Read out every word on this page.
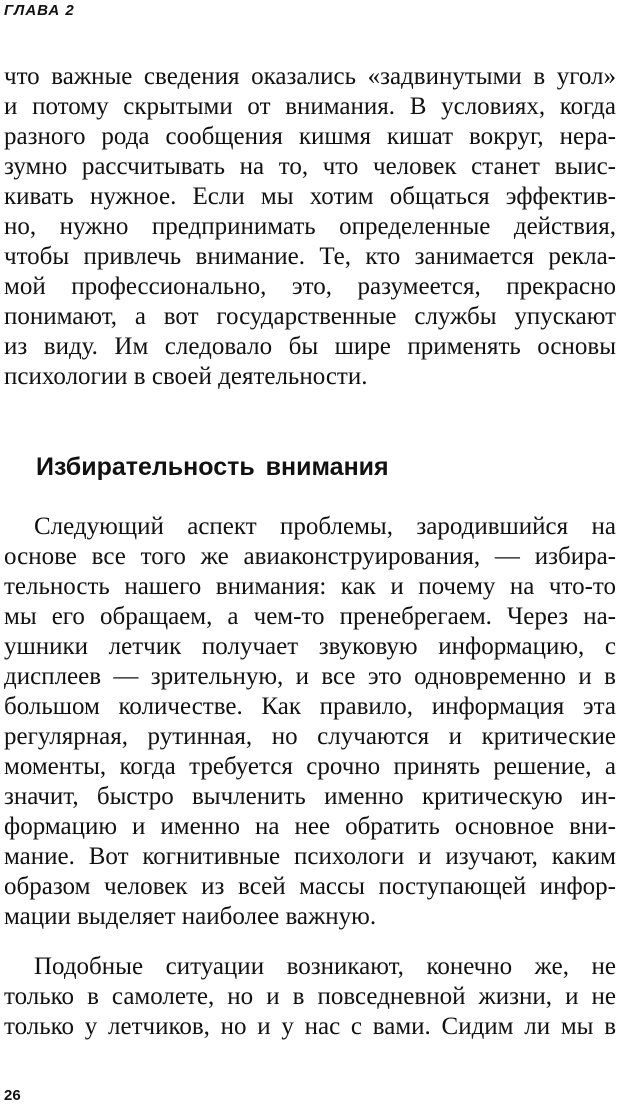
ГЛАВА 2
что важные сведения оказались «задвинутыми в угол»
и потому скрытыми от внимания. В условиях, когда
разного рода сообщения кишмя кишат вокруг, нера-
зумно рассчитывать на то, что человек станет выис-
кивать нужное. Если мы хотим общаться эффектив-
но, нужно предпринимать определенные действия,
чтобы привлечь внимание. Те, кто занимается рекла-
мой профессионально, это, разумеется, прекрасно
понимают, а вот государственные службы упускают
из виду. Им следовало бы шире применять основы
психологии в своей деятельности.
Избирательность внимания
Следующий аспект проблемы, зародившийся на
основе все того же авиаконструирования, — избира-
тельность нашего внимания: как и почему на что-то
мы его обращаем, а чем-то пренебрегаем. Через на-
ушники летчик получает звуковую информацию, с
дисплеев — зрительную, и все это одновременно и в
большом количестве. Как правило, информация эта
регулярная, рутинная, но случаются и критические
моменты, когда требуется срочно принять решение, а
значит, быстро вычленить именно критическую ин-
формацию и именно на нее обратить основное вни-
мание. Вот когнитивные психологи и изучают, каким
образом человек из всей массы поступающей инфор-
мации выделяет наиболее важную.
Подобные ситуации возникают, конечно же, не
только в самолете, но и в повседневной жизни, и не
только у летчиков, но и у нас с вами. Сидим ли мы в
26
